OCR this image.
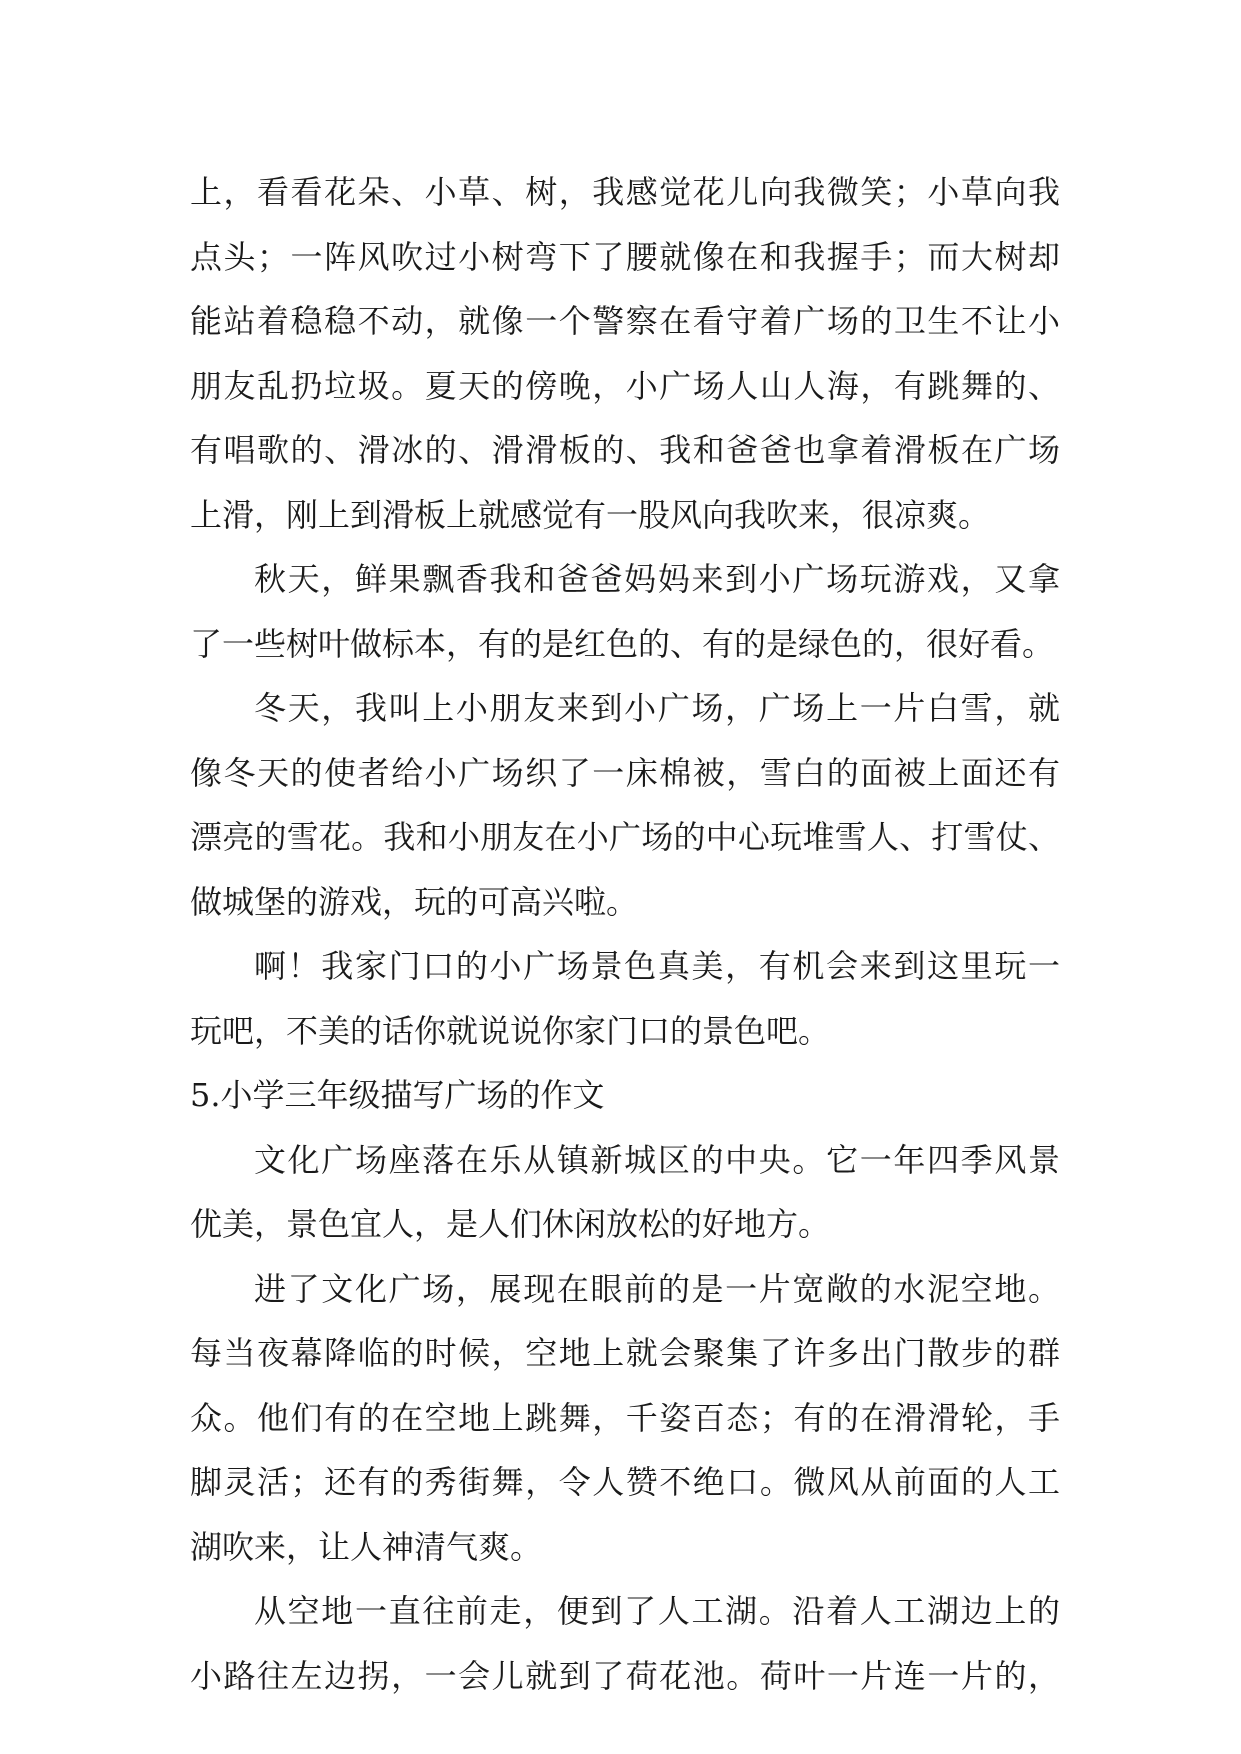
上，看看花朵、小草、树，我感觉花儿向我微笑；小草向我
点头；一阵风吹过小树弯下了腰就像在和我握手；而大树却
能站着稳稳不动，就像一个警察在看守着广场的卫生不让小
朋友乱扔垃圾。夏天的傍晚，小广场人山人海，有跳舞的、
有唱歌的、滑冰的、滑滑板的、我和爸爸也拿着滑板在广场
上滑，刚上到滑板上就感觉有一股风向我吹来，很凉爽。
秋天，鲜果飘香我和爸爸妈妈来到小广场玩游戏，又拿
了一些树叶做标本，有的是红色的、有的是绿色的，很好看。
冬天，我叫上小朋友来到小广场，广场上一片白雪，就
像冬天的使者给小广场织了一床棉被，雪白的面被上面还有
漂亮的雪花。我和小朋友在小广场的中心玩堆雪人、打雪仗、
做城堡的游戏，玩的可高兴啦。
啊！我家门口的小广场景色真美，有机会来到这里玩一
玩吧，不美的话你就说说你家门口的景色吧。
5.小学三年级描写广场的作文
文化广场座落在乐从镇新城区的中央。它一年四季风景
优美，景色宜人，是人们休闲放松的好地方。
进了文化广场，展现在眼前的是一片宽敞的水泥空地。
每当夜幕降临的时候，空地上就会聚集了许多出门散步的群
众。他们有的在空地上跳舞，千姿百态；有的在滑滑轮，手
脚灵活；还有的秀街舞，令人赞不绝口。微风从前面的人工
湖吹来，让人神清气爽。
从空地一直往前走，便到了人工湖。沿着人工湖边上的
小路往左边拐，一会儿就到了荷花池。荷叶一片连一片的，
